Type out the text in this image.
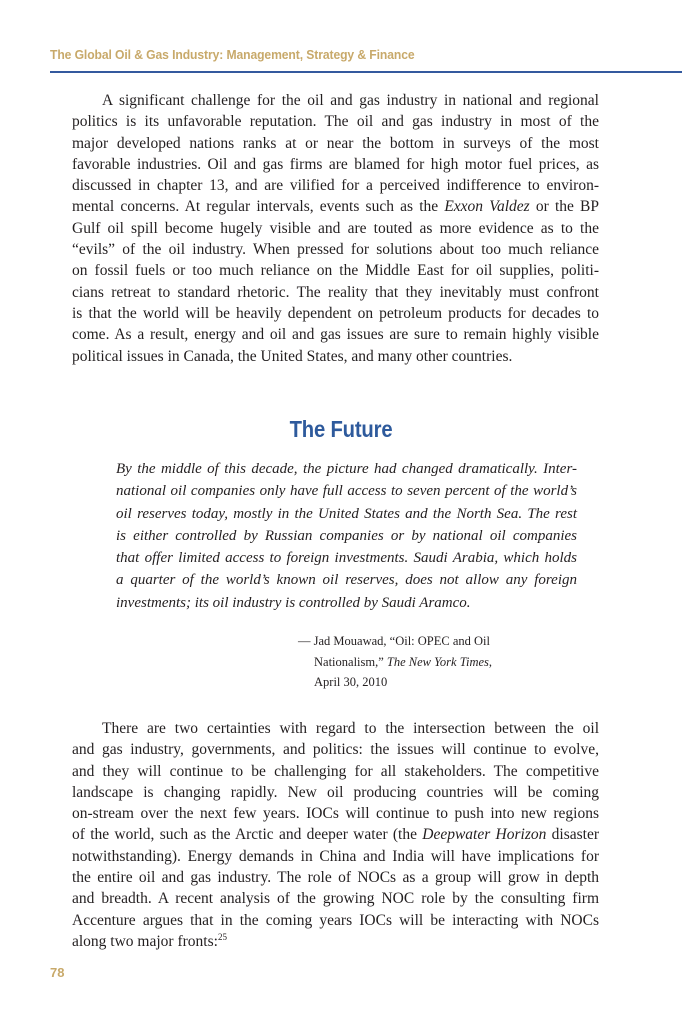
The Global Oil & Gas Industry: Management, Strategy & Finance
A significant challenge for the oil and gas industry in national and regional
politics is its unfavorable reputation. The oil and gas industry in most of the
major developed nations ranks at or near the bottom in surveys of the most
favorable industries. Oil and gas firms are blamed for high motor fuel prices, as
discussed in chapter 13, and are vilified for a perceived indifference to environ-
mental concerns. At regular intervals, events such as the Exxon Valdez or the BP
Gulf oil spill become hugely visible and are touted as more evidence as to the
“evils” of the oil industry. When pressed for solutions about too much reliance
on fossil fuels or too much reliance on the Middle East for oil supplies, politi-
cians retreat to standard rhetoric. The reality that they inevitably must confront
is that the world will be heavily dependent on petroleum products for decades to
come. As a result, energy and oil and gas issues are sure to remain highly visible
political issues in Canada, the United States, and many other countries.
The Future
By the middle of this decade, the picture had changed dramatically. Inter-
national oil companies only have full access to seven percent of the world’s
oil reserves today, mostly in the United States and the North Sea. The rest
is either controlled by Russian companies or by national oil companies
that offer limited access to foreign investments. Saudi Arabia, which holds
a quarter of the world’s known oil reserves, does not allow any foreign
investments; its oil industry is controlled by Saudi Aramco.
— Jad Mouawad, “Oil: OPEC and Oil
Nationalism,” The New York Times,
April 30, 2010
There are two certainties with regard to the intersection between the oil
and gas industry, governments, and politics: the issues will continue to evolve,
and they will continue to be challenging for all stakeholders. The competitive
landscape is changing rapidly. New oil producing countries will be coming
on-stream over the next few years. IOCs will continue to push into new regions
of the world, such as the Arctic and deeper water (the Deepwater Horizon disaster
notwithstanding). Energy demands in China and India will have implications for
the entire oil and gas industry. The role of NOCs as a group will grow in depth
and breadth. A recent analysis of the growing NOC role by the consulting firm
Accenture argues that in the coming years IOCs will be interacting with NOCs
along two major fronts:$^{25}$
78
